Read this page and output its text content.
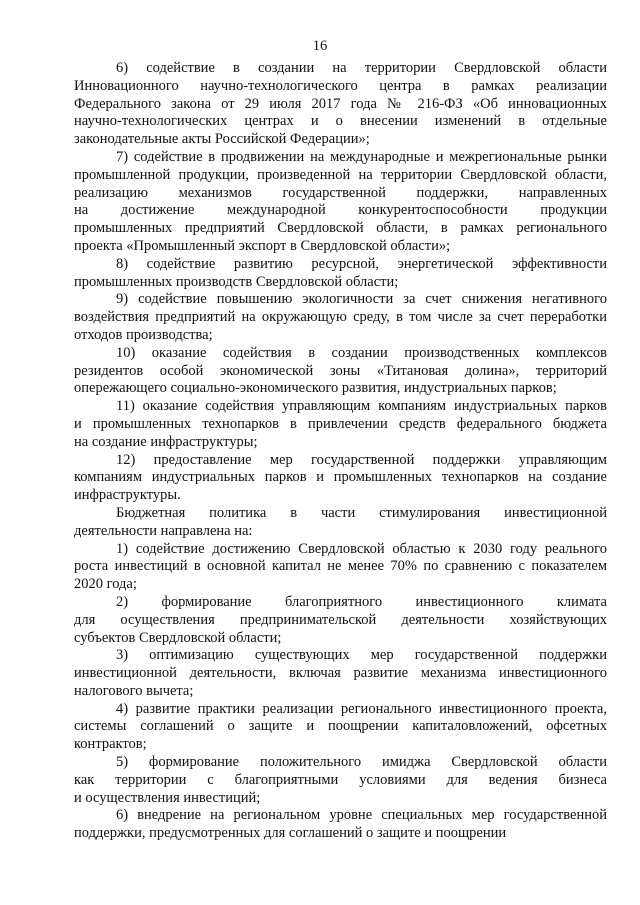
16
6) содействие в создании на территории Свердловской области
Инновационного научно-технологического центра в рамках реализации
Федерального закона от 29 июля 2017 года № 216-ФЗ «Об инновационных
научно-технологических центрах и о внесении изменений в отдельные
законодательные акты Российской Федерации»;
7) содействие в продвижении на международные и межрегиональные рынки
промышленной продукции, произведенной на территории Свердловской области,
реализацию механизмов государственной поддержки, направленных
на достижение международной конкурентоспособности продукции
промышленных предприятий Свердловской области, в рамках регионального
проекта «Промышленный экспорт в Свердловской области»;
8) содействие развитию ресурсной, энергетической эффективности
промышленных производств Свердловской области;
9) содействие повышению экологичности за счет снижения негативного
воздействия предприятий на окружающую среду, в том числе за счет переработки
отходов производства;
10) оказание содействия в создании производственных комплексов
резидентов особой экономической зоны «Титановая долина», территорий
опережающего социально-экономического развития, индустриальных парков;
11) оказание содействия управляющим компаниям индустриальных парков
и промышленных технопарков в привлечении средств федерального бюджета
на создание инфраструктуры;
12) предоставление мер государственной поддержки управляющим
компаниям индустриальных парков и промышленных технопарков на создание
инфраструктуры.
Бюджетная политика в части стимулирования инвестиционной
деятельности направлена на:
1) содействие достижению Свердловской областью к 2030 году реального
роста инвестиций в основной капитал не менее 70% по сравнению с показателем
2020 года;
2) формирование благоприятного инвестиционного климата
для осуществления предпринимательской деятельности хозяйствующих
субъектов Свердловской области;
3) оптимизацию существующих мер государственной поддержки
инвестиционной деятельности, включая развитие механизма инвестиционного
налогового вычета;
4) развитие практики реализации регионального инвестиционного проекта,
системы соглашений о защите и поощрении капиталовложений, офсетных
контрактов;
5) формирование положительного имиджа Свердловской области
как территории с благоприятными условиями для ведения бизнеса
и осуществления инвестиций;
6) внедрение на региональном уровне специальных мер государственной
поддержки, предусмотренных для соглашений о защите и поощрении
